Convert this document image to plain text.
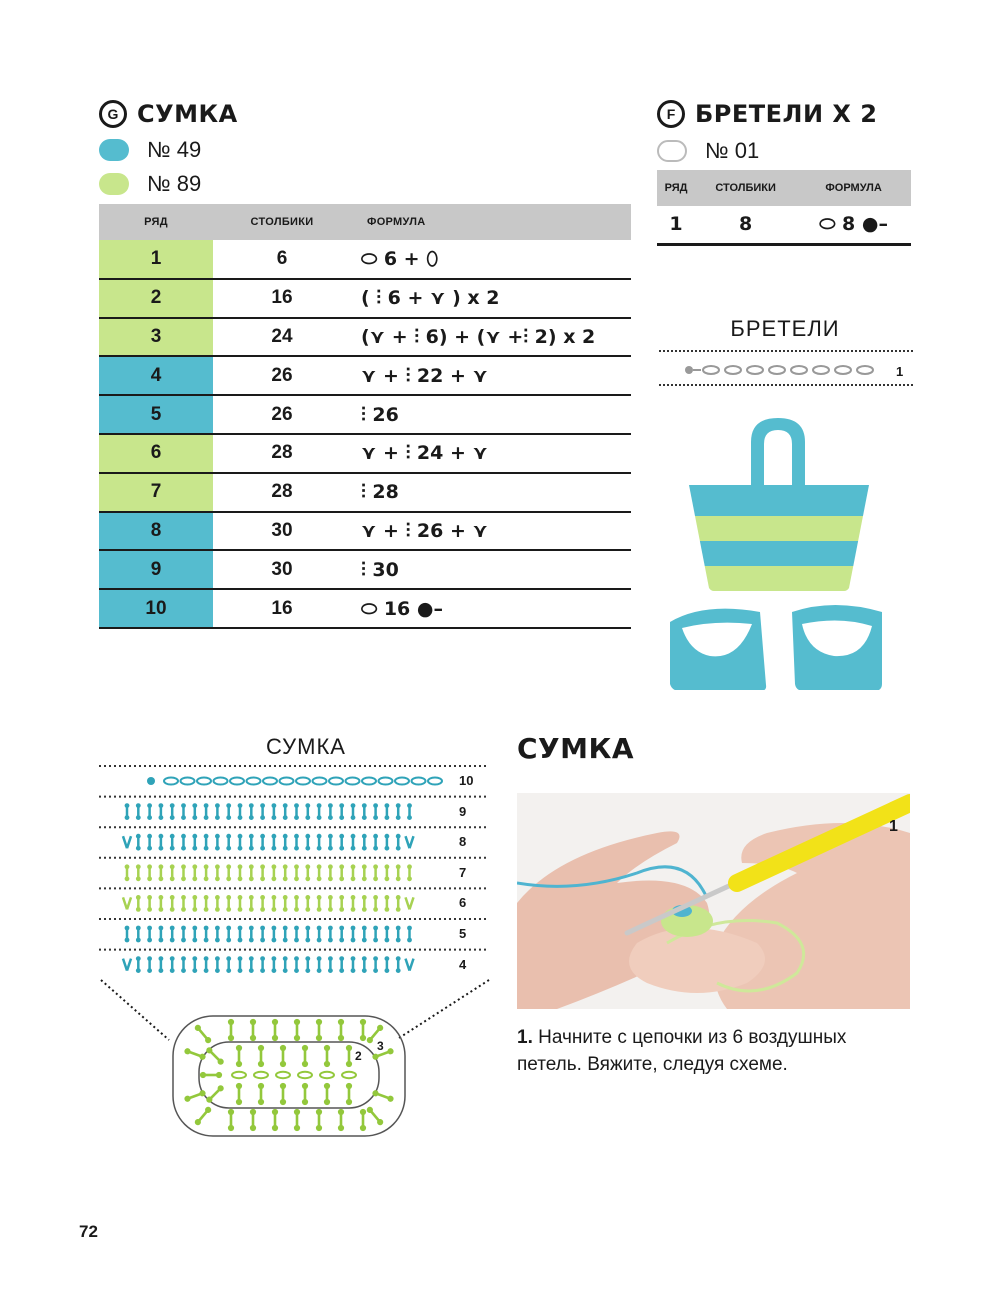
G СУМКА
№ 49
№ 89
РЯД	СТОЛБИКИ	ФОРМУЛА
1	6	⬭ 6 + ⬯
2	16	( ⫶ 6 + ⋎ ) x 2
3	24	(⋎ + ⫶ 6) + (⋎ +⫶ 2) x 2
4	26	⋎ + ⫶ 22 + ⋎
5	26	⫶ 26
6	28	⋎ + ⫶ 24 + ⋎
7	28	⫶ 28
8	30	⋎ + ⫶ 26 + ⋎
9	30	⫶ 30
10	16	⬭ 16 ●–
F БРЕТЕЛИ X 2
№ 01
РЯД	СТОЛБИКИ	ФОРМУЛА
1	8	⬭ 8 ●–
БРЕТЕЛИ
1
СУМКА
10
9
8
7
6
5
4
2
3
СУМКА
1
1. Начните с цепочки из 6 воздушных петель. Вяжите, следуя схеме.
72
